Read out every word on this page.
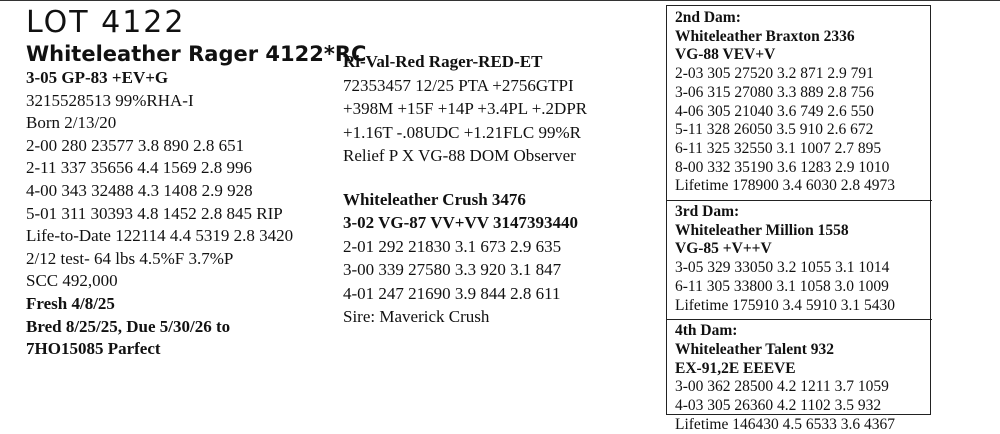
LOT 4122
Whiteleather Rager 4122*RC
3-05 GP-83 +EV+G
3215528513 99%RHA-I
Born 2/13/20
2-00 280 23577 3.8 890 2.8 651
2-11 337 35656 4.4 1569 2.8 996
4-00 343 32488 4.3 1408 2.9 928
5-01 311 30393 4.8 1452 2.8 845 RIP
Life-to-Date 122114 4.4 5319 2.8 3420
2/12 test- 64 lbs 4.5%F 3.7%P
SCC 492,000
Fresh 4/8/25
Bred 8/25/25, Due 5/30/26 to
7HO15085 Parfect
Ri-Val-Red Rager-RED-ET
72353457 12/25 PTA +2756GTPI
+398M +15F +14P +3.4PL +.2DPR
+1.16T -.08UDC +1.21FLC 99%R
Relief P X VG-88 DOM Observer
Whiteleather Crush 3476
3-02 VG-87 VV+VV 3147393440
2-01 292 21830 3.1 673 2.9 635
3-00 339 27580 3.3 920 3.1 847
4-01 247 21690 3.9 844 2.8 611
Sire: Maverick Crush
2nd Dam:
Whiteleather Braxton 2336
VG-88 VEV+V
2-03 305 27520 3.2 871 2.9 791
3-06 315 27080 3.3 889 2.8 756
4-06 305 21040 3.6 749 2.6 550
5-11 328 26050 3.5 910 2.6 672
6-11 325 32550 3.1 1007 2.7 895
8-00 332 35190 3.6 1283 2.9 1010
Lifetime 178900 3.4 6030 2.8 4973
3rd Dam:
Whiteleather Million 1558
VG-85 +V++V
3-05 329 33050 3.2 1055 3.1 1014
6-11 305 33800 3.1 1058 3.0 1009
Lifetime 175910 3.4 5910 3.1 5430
4th Dam:
Whiteleather Talent 932
EX-91,2E EEEVE
3-00 362 28500 4.2 1211 3.7 1059
4-03 305 26360 4.2 1102 3.5 932
Lifetime 146430 4.5 6533 3.6 4367
